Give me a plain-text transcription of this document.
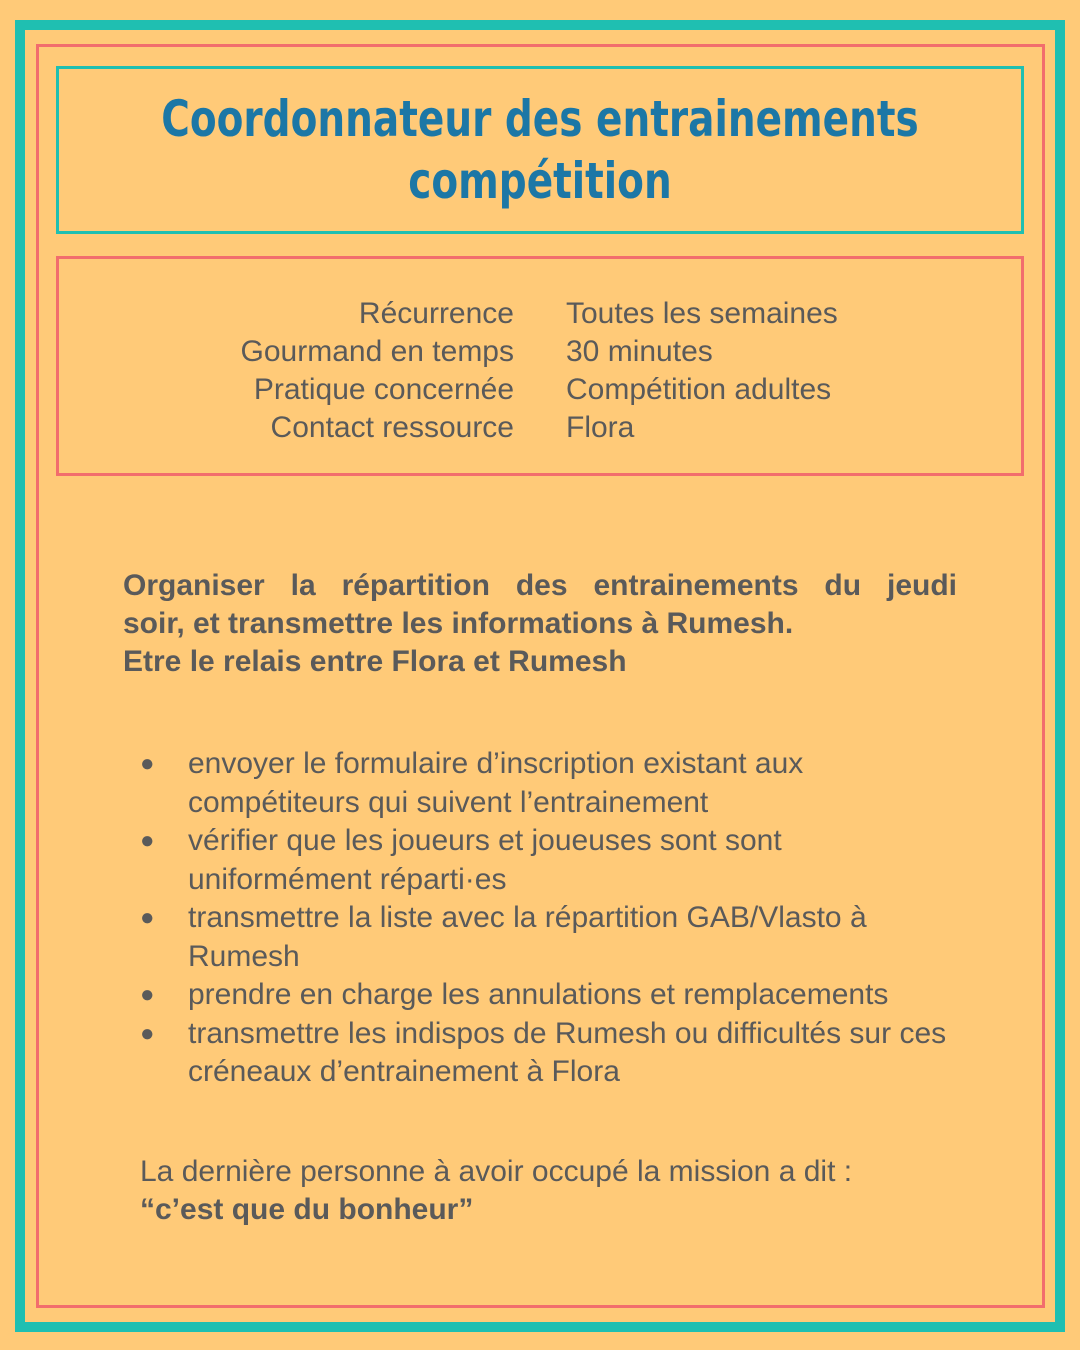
Coordonnateur des entrainements compétition
Récurrence Toutes les semaines
Gourmand en temps 30 minutes
Pratique concernée Compétition adultes
Contact ressource Flora

Organiser la répartition des entrainements du jeudi
soir, et transmettre les informations à Rumesh.
Etre le relais entre Flora et Rumesh

● envoyer le formulaire d’inscription existant aux compétiteurs qui suivent l’entrainement
● vérifier que les joueurs et joueuses sont sont uniformément réparti·es
● transmettre la liste avec la répartition GAB/Vlasto à Rumesh
● prendre en charge les annulations et remplacements
● transmettre les indispos de Rumesh ou difficultés sur ces créneaux d’entrainement à Flora
La dernière personne à avoir occupé la mission a dit :
“c’est que du bonheur”
